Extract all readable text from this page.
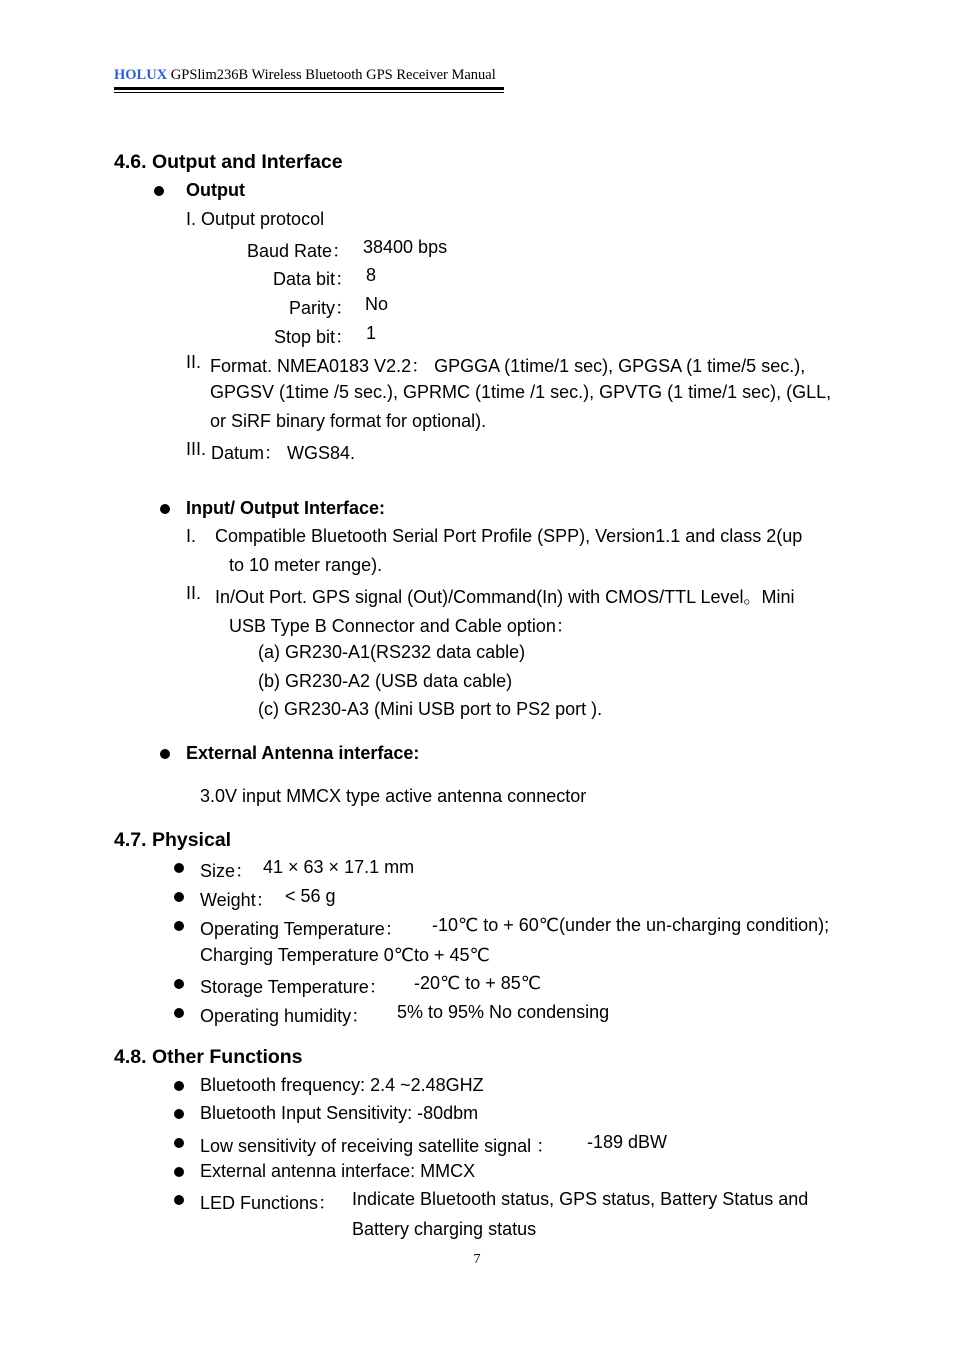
HOLUX GPSlim236B Wireless Bluetooth GPS Receiver Manual
4.6. Output and Interface
Output
I. Output protocol
Baud Rate： 38400 bps
Data bit： 8
Parity： No
Stop bit： 1
II. Format. NMEA0183 V2.2： GPGGA (1time/1 sec), GPGSA (1 time/5 sec.),
GPGSV (1time /5 sec.), GPRMC (1time /1 sec.), GPVTG (1 time/1 sec), (GLL,
or SiRF binary format for optional).
III. Datum： WGS84.
Input/ Output Interface:
I. Compatible Bluetooth Serial Port Profile (SPP), Version1.1 and class 2(up
to 10 meter range).
II. In/Out Port. GPS signal (Out)/Command(In) with CMOS/TTL Level。Mini
USB Type B Connector and Cable option：
(a) GR230-A1(RS232 data cable)
(b) GR230-A2 (USB data cable)
(c) GR230-A3 (Mini USB port to PS2 port ).
External Antenna interface:
3.0V input MMCX type active antenna connector
4.7. Physical
Size： 41 × 63 × 17.1 mm
Weight： < 56 g
Operating Temperature： -10℃ to + 60℃(under the un-charging condition);
Charging Temperature 0℃to + 45℃
Storage Temperature： -20℃ to + 85℃
Operating humidity： 5% to 95% No condensing
4.8. Other Functions
Bluetooth frequency: 2.4 ~2.48GHZ
Bluetooth Input Sensitivity: -80dbm
Low sensitivity of receiving satellite signal ： -189 dBW
External antenna interface: MMCX
LED Functions： Indicate Bluetooth status, GPS status, Battery Status and
Battery charging status
7
